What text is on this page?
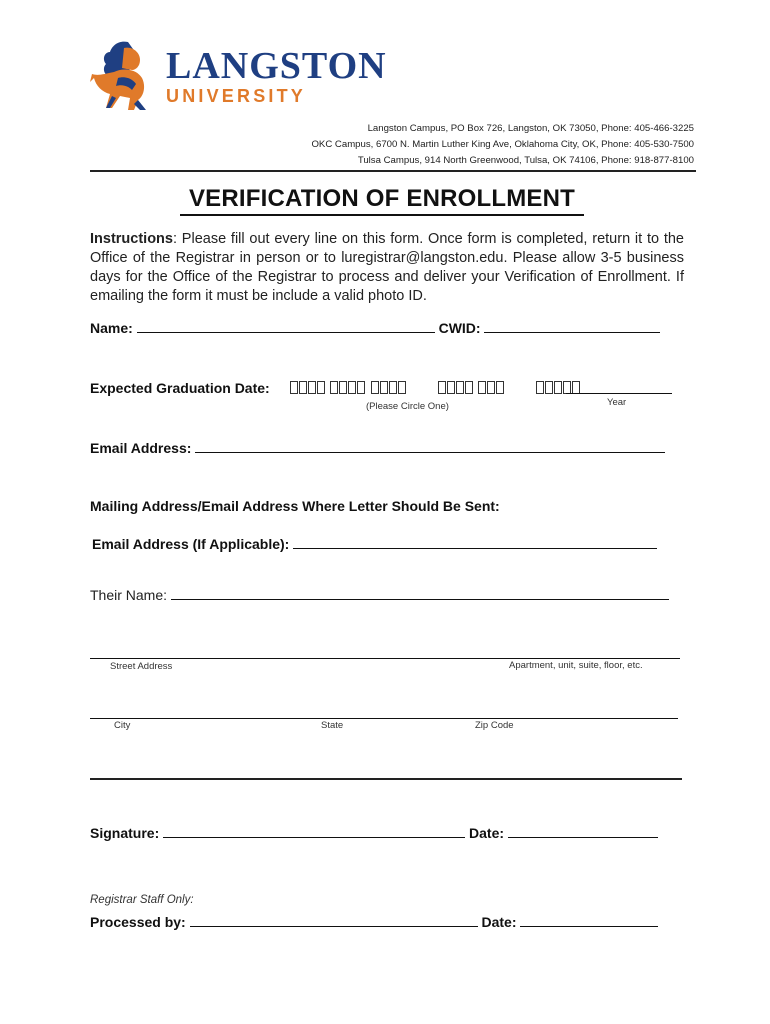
LANGSTON
UNIVERSITY
Langston Campus, PO Box 726, Langston, OK 73050, Phone: 405-466-3225
OKC Campus, 6700 N. Martin Luther King Ave, Oklahoma City, OK, Phone: 405-530-7500
Tulsa Campus, 914 North Greenwood, Tulsa, OK 74106, Phone: 918-877-8100
VERIFICATION OF ENROLLMENT
Instructions: Please fill out every line on this form. Once form is completed, return it to the Office of the Registrar in person or to luregistrar@langston.edu. Please allow 3-5 business days for the Office of the Registrar to process and deliver your Verification of Enrollment. If emailing the form it must be include a valid photo ID.
Name:	CWID:
Expected Graduation Date:

(Please Circle One)	Year
Email Address:
Mailing Address/Email Address Where Letter Should Be Sent:
Email Address (If Applicable):
Their Name:
Street Address	Apartment, unit, suite, floor, etc.
City	State	Zip Code
Signature:	Date:
Registrar Staff Only:
Processed by:	Date:
